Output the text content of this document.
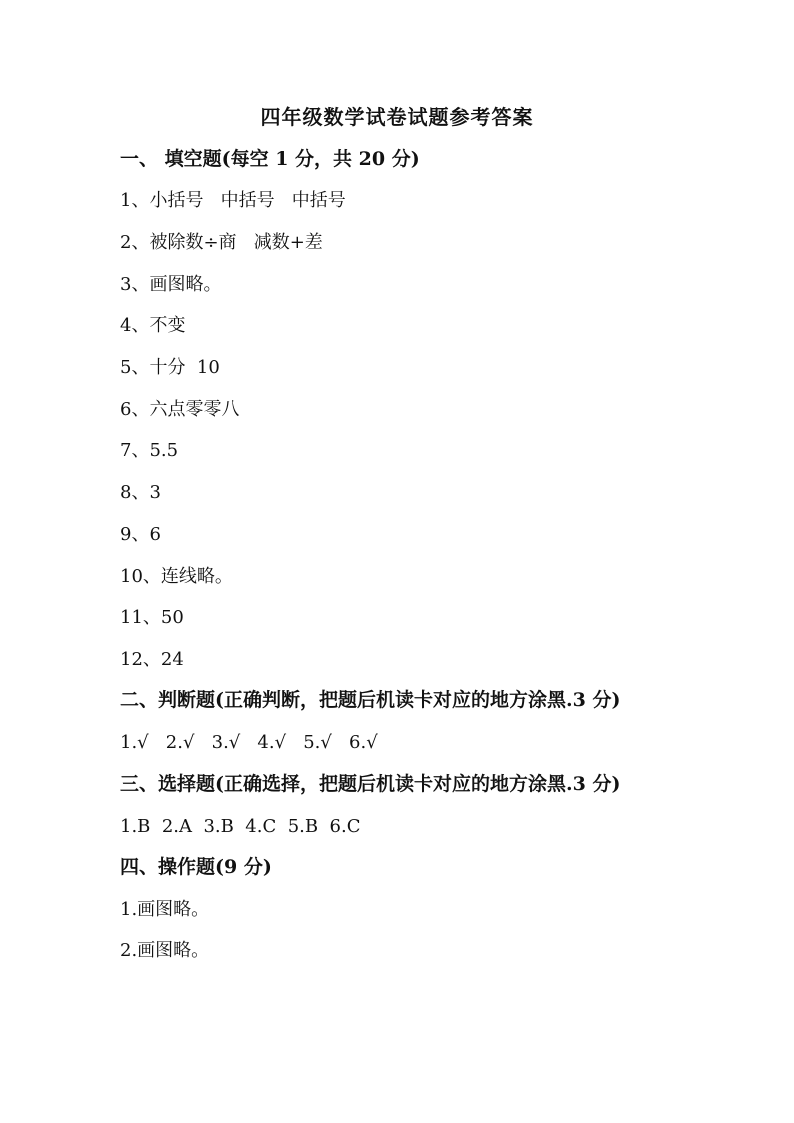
四年级数学试卷试题参考答案
一、 填空题(每空 1 分，共 20 分)
1、小括号   中括号   中括号
2、被除数÷商   减数+差
3、画图略。
4、不变
5、十分  10
6、六点零零八
7、5.5
8、3
9、6
10、连线略。
11、50
12、24
二、判断题(正确判断，把题后机读卡对应的地方涂黑.3 分)
1.√   2.√   3.√   4.√   5.√   6.√
三、选择题(正确选择，把题后机读卡对应的地方涂黑.3 分)
1.B  2.A  3.B  4.C  5.B  6.C
四、操作题(9 分)
1.画图略。
2.画图略。
